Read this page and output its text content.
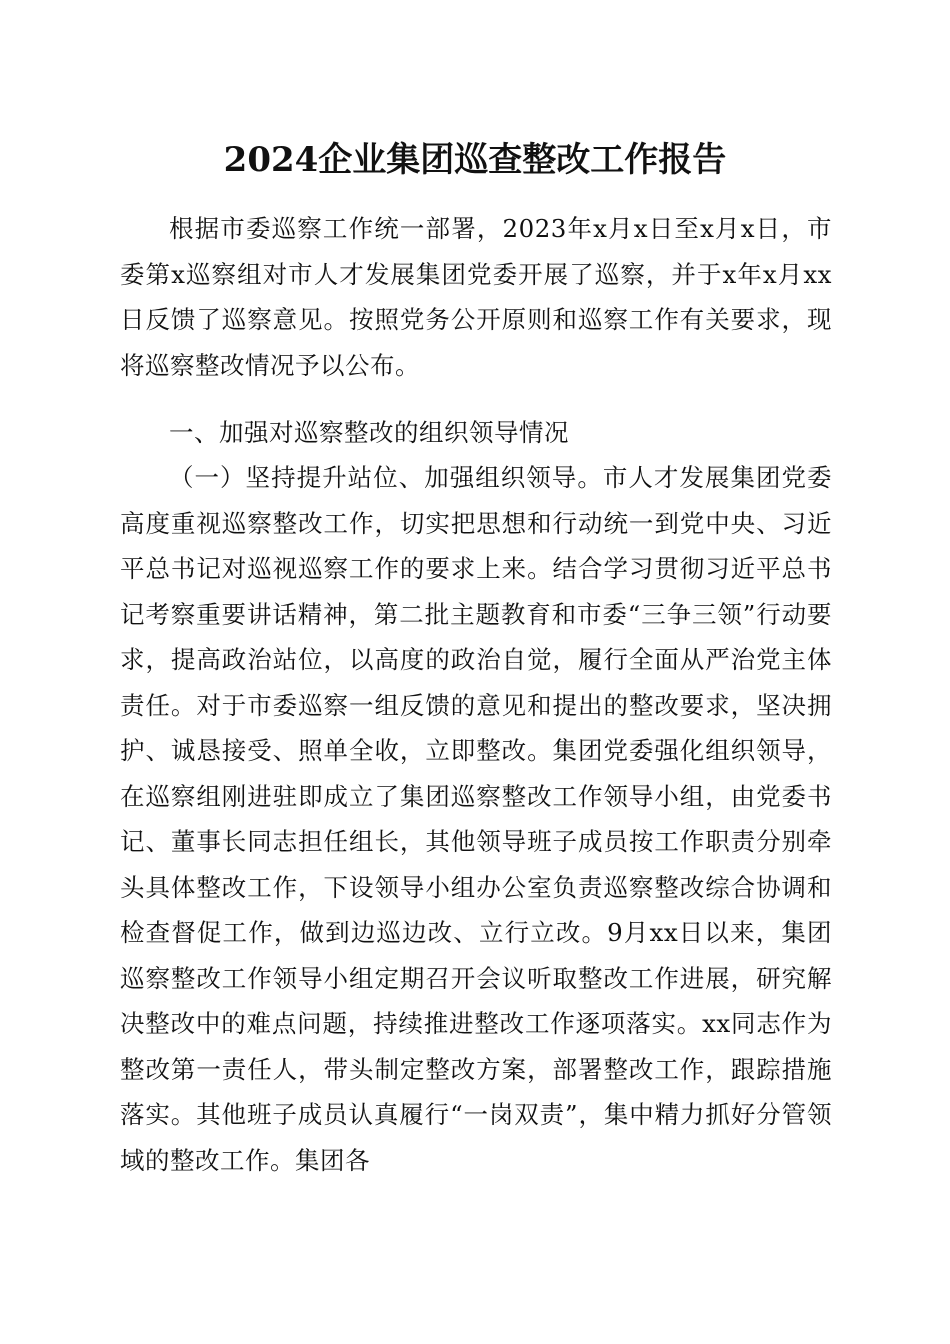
2024企业集团巡查整改工作报告

根据市委巡察工作统一部署，2023年x月x日至x月x日，市委第x巡察组对市人才发展集团党委开展了巡察，并于x年x月xx日反馈了巡察意见。按照党务公开原则和巡察工作有关要求，现将巡察整改情况予以公布。

一、加强对巡察整改的组织领导情况

（一）坚持提升站位、加强组织领导。市人才发展集团党委高度重视巡察整改工作，切实把思想和行动统一到党中央、习近平总书记对巡视巡察工作的要求上来。结合学习贯彻习近平总书记考察重要讲话精神，第二批主题教育和市委“三争三领”行动要求，提高政治站位，以高度的政治自觉，履行全面从严治党主体责任。对于市委巡察一组反馈的意见和提出的整改要求，坚决拥护、诚恳接受、照单全收，立即整改。集团党委强化组织领导，在巡察组刚进驻即成立了集团巡察整改工作领导小组，由党委书记、董事长同志担任组长，其他领导班子成员按工作职责分别牵头具体整改工作，下设领导小组办公室负责巡察整改综合协调和检查督促工作，做到边巡边改、立行立改。9月xx日以来，集团巡察整改工作领导小组定期召开会议听取整改工作进展，研究解决整改中的难点问题，持续推进整改工作逐项落实。xx同志作为整改第一责任人，带头制定整改方案，部署整改工作，跟踪措施落实。其他班子成员认真履行“一岗双责”，集中精力抓好分管领域的整改工作。集团各
